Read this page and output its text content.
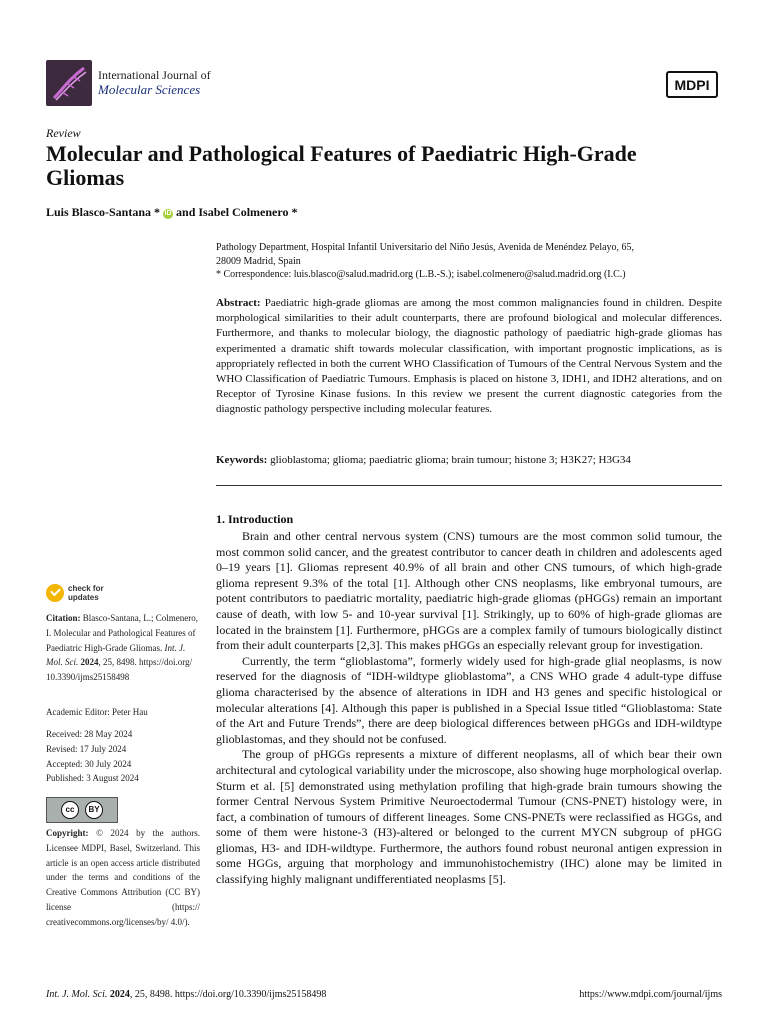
International Journal of
Molecular Sciences	MDPI
Review
Molecular and Pathological Features of Paediatric High-Grade Gliomas
Luis Blasco-Santana * iD and Isabel Colmenero *
Pathology Department, Hospital Infantil Universitario del Niño Jesús, Avenida de Menéndez Pelayo, 65,
28009 Madrid, Spain
* Correspondence: luis.blasco@salud.madrid.org (L.B.-S.); isabel.colmenero@salud.madrid.org (I.C.)
Abstract: Paediatric high-grade gliomas are among the most common malignancies found in children. Despite morphological similarities to their adult counterparts, there are profound biological and molecular differences. Furthermore, and thanks to molecular biology, the diagnostic pathology of paediatric high-grade gliomas has experimented a dramatic shift towards molecular classification, with important prognostic implications, as is appropriately reflected in both the current WHO Classification of Tumours of the Central Nervous System and the WHO Classification of Paediatric Tumours. Emphasis is placed on histone 3, IDH1, and IDH2 alterations, and on Receptor of Tyrosine Kinase fusions. In this review we present the current diagnostic categories from the diagnostic pathology perspective including molecular features.
Keywords: glioblastoma; glioma; paediatric glioma; brain tumour; histone 3; H3K27; H3G34
1. Introduction

Brain and other central nervous system (CNS) tumours are the most common solid tumour, the most common solid cancer, and the greatest contributor to cancer death in children and adolescents aged 0–19 years [1]. Gliomas represent 40.9% of all brain and other CNS tumours, of which high-grade glioma represent 9.3% of the total [1]. Although other CNS neoplasms, like embryonal tumours, are potent contributors to paediatric mortality, paediatric high-grade gliomas (pHGGs) remain an important cause of death, with low 5- and 10-year survival [1]. Strikingly, up to 60% of high-grade gliomas are located in the brainstem [1]. Furthermore, pHGGs are a complex family of tumours biologically distinct from their adult counterparts [2,3]. This makes pHGGs an especially relevant group for investigation.

Currently, the term “glioblastoma”, formerly widely used for high-grade glial neoplasms, is now reserved for the diagnosis of “IDH-wildtype glioblastoma”, a CNS WHO grade 4 adult-type diffuse glioma characterised by the absence of alterations in IDH and H3 genes and specific histological or molecular alterations [4]. Although this paper is published in a Special Issue titled “Glioblastoma: State of the Art and Future Trends”, there are deep biological differences between pHGGs and IDH-wildtype glioblastomas, and they should not be confused.

The group of pHGGs represents a mixture of different neoplasms, all of which bear their own architectural and cytological variability under the microscope, also showing huge morphological overlap. Sturm et al. [5] demonstrated using methylation profiling that high-grade brain tumours showing the former Central Nervous System Primitive Neuroectodermal Tumour (CNS-PNET) histology were, in fact, a combination of tumours of different lineages. Some CNS-PNETs were reclassified as HGGs, and some of them were histone-3 (H3)-altered or belonged to the current MYCN subgroup of pHGG gliomas, H3- and IDH-wildtype. Furthermore, the authors found robust neuronal antigen expression in some HGGs, arguing that morphology and immunohistochemistry (IHC) alone may be limited in classifying highly malignant undifferentiated neoplasms [5].

check for
updates
Citation: Blasco-Santana, L.; Colmenero, I. Molecular and Pathological Features of Paediatric High-Grade Gliomas. Int. J. Mol. Sci. 2024, 25, 8498. https://doi.org/ 10.3390/ijms25158498
Academic Editor: Peter Hau
Received: 28 May 2024
Revised: 17 July 2024
Accepted: 30 July 2024
Published: 3 August 2024
cc	BY
Copyright: © 2024 by the authors. Licensee MDPI, Basel, Switzerland. This article is an open access article distributed under the terms and conditions of the Creative Commons Attribution (CC BY) license (https:// creativecommons.org/licenses/by/ 4.0/).
Int. J. Mol. Sci. 2024, 25, 8498. https://doi.org/10.3390/ijms25158498	https://www.mdpi.com/journal/ijms
